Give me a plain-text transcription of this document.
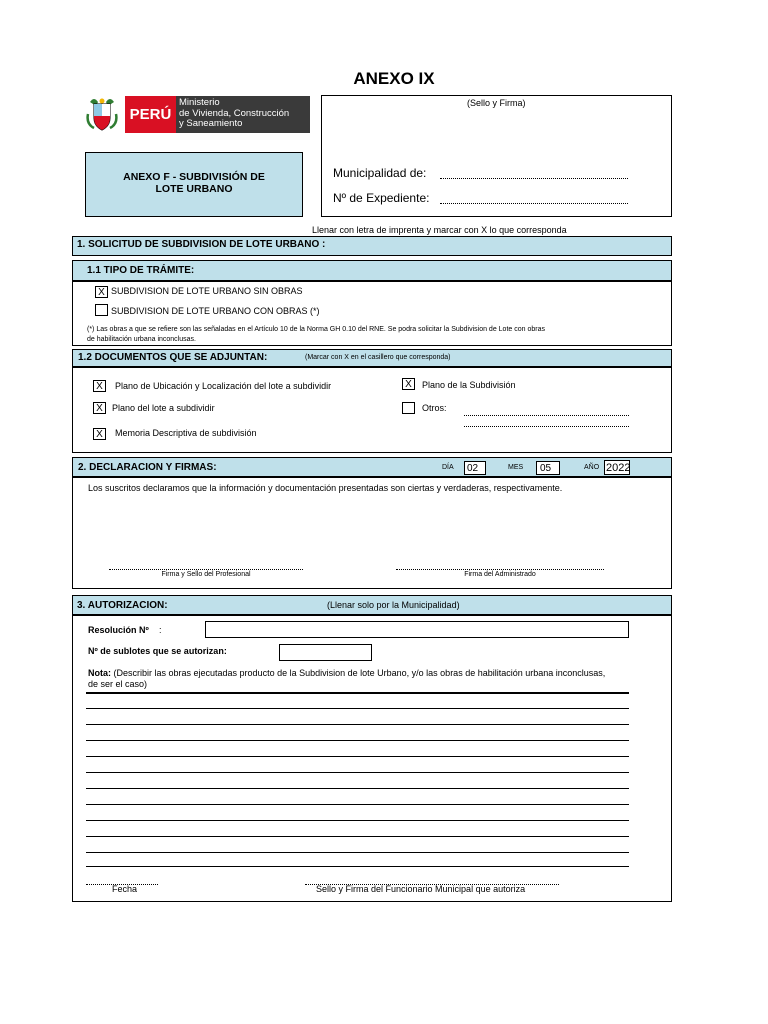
ANEXO IX
PERÚ
Ministerio
de Vivienda, Construcción
y Saneamiento
(Sello y Firma)
Municipalidad de:
Nº de Expediente:
ANEXO F - SUBDIVISIÓN DE
LOTE URBANO
Llenar con letra de imprenta y marcar con X lo que corresponda
1. SOLICITUD DE SUBDIVISION DE LOTE URBANO :
1.1 TIPO DE TRÁMITE:
X SUBDIVISION DE LOTE URBANO SIN OBRAS
SUBDIVISION DE LOTE URBANO CON OBRAS (*)
(*) Las obras a que se refiere son las señaladas en el Artículo 10 de la Norma GH 0.10 del RNE. Se podra solicitar la Subdivision de Lote con obras
de habilitación urbana inconclusas.
1.2 DOCUMENTOS QUE SE ADJUNTAN:	(Marcar con X en el casillero que corresponda)
X	Plano de Ubicación y Localización del lote a subdividir
X	Plano del lote a subdividir
X	Memoria Descriptiva de subdivisión
X	Plano de la Subdivisión
Otros:
2. DECLARACION Y FIRMAS:	DÍA	02	MES	05	AÑO 2022
Los suscritos declaramos que la información y documentación presentadas son ciertas y verdaderas, respectivamente.
Firma y Sello del Profesional	Firma del Administrado
3. AUTORIZACION:	(Llenar solo por la Municipalidad)
Resolución Nº :
Nº de sublotes que se autorizan:
Nota: (Describir las obras ejecutadas producto de la Subdivision de lote Urbano, y/o las obras de habilitación urbana inconclusas,
de ser el caso)
Fecha	Sello y Firma del Funcionario Municipal que autoriza
